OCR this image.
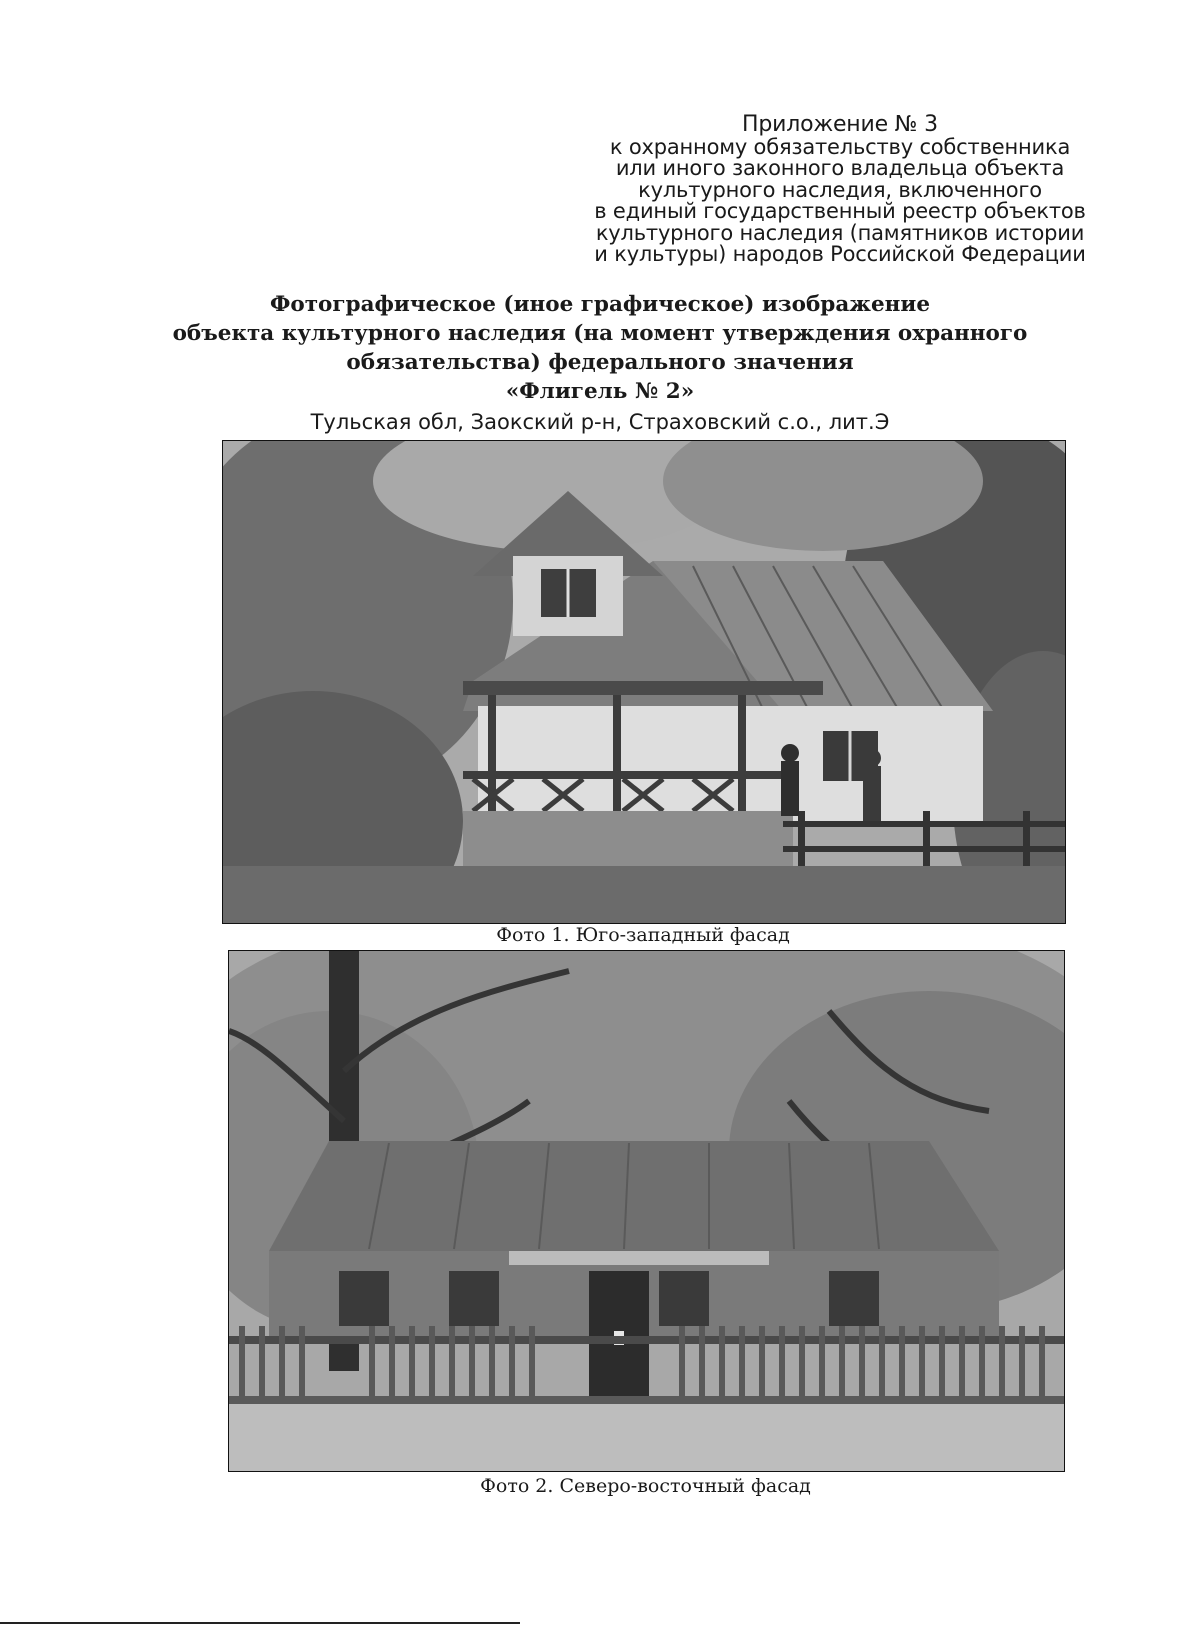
Приложение № 3
к охранному обязательству собственника
или иного законного владельца объекта
культурного наследия, включенного
в единый государственный реестр объектов
культурного наследия (памятников истории
и культуры) народов Российской Федерации
Фотографическое (иное графическое) изображение
объекта культурного наследия (на момент утверждения охранного
обязательства) федерального значения
«Флигель № 2»
Тульская обл, Заокский р-н, Страховский с.о., лит.Э
Фото 1. Юго-западный фасад
Фото 2. Северо-восточный фасад
